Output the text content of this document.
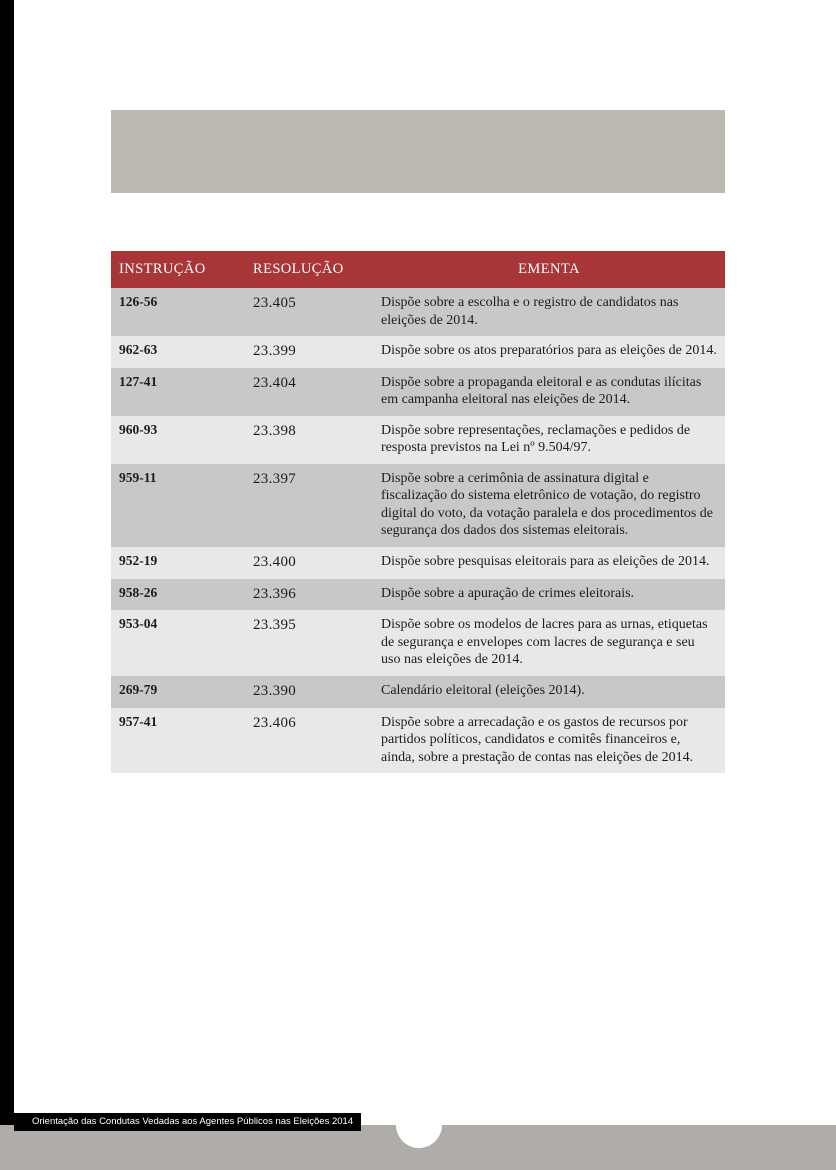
INSTRUÇÃO	RESOLUÇÃO	EMENTA
126-56	23.405	Dispõe sobre a escolha e o registro de candidatos nas eleições de 2014.
962-63	23.399	Dispõe sobre os atos preparatórios para as eleições de 2014.
127-41	23.404	Dispõe sobre a propaganda eleitoral e as condutas ilícitas em campanha eleitoral nas eleições de 2014.
960-93	23.398	Dispõe sobre representações, reclamações e pedidos de resposta previstos na Lei nº 9.504/97.
959-11	23.397	Dispõe sobre a cerimônia de assinatura digital e fiscalização do sistema eletrônico de votação, do registro digital do voto, da votação paralela e dos procedimentos de segurança dos dados dos sistemas eleitorais.
952-19	23.400	Dispõe sobre pesquisas eleitorais para as eleições de 2014.
958-26	23.396	Dispõe sobre a apuração de crimes eleitorais.
953-04	23.395	Dispõe sobre os modelos de lacres para as urnas, etiquetas de segurança e envelopes com lacres de segurança e seu uso nas eleições de 2014.
269-79	23.390	Calendário eleitoral (eleições 2014).
957-41	23.406	Dispõe sobre a arrecadação e os gastos de recursos por partidos políticos, candidatos e comitês financeiros e, ainda, sobre a prestação de contas nas eleições de 2014.
Orientação das Condutas Vedadas aos Agentes Públicos nas Eleições 2014
